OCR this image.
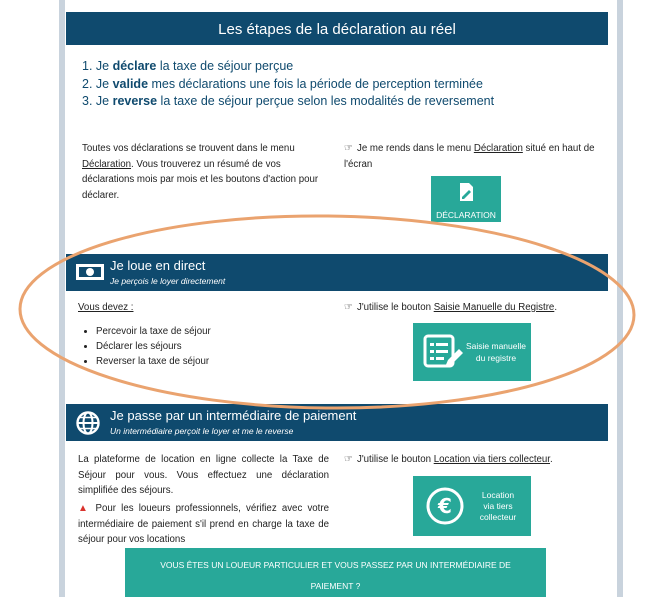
Les étapes de la déclaration au réel
1. Je déclare la taxe de séjour perçue
2. Je valide mes déclarations une fois la période de perception terminée
3. Je reverse la taxe de séjour perçue selon les modalités de reversement
Toutes vos déclarations se trouvent dans le menu Déclaration. Vous trouverez un résumé de vos déclarations mois par mois et les boutons d'action pour déclarer.
☞ Je me rends dans le menu Déclaration situé en haut de l'écran
DÉCLARATION
Je loue en direct
Je perçois le loyer directement
Vous devez :
• Percevoir la taxe de séjour
• Déclarer les séjours
• Reverser la taxe de séjour
☞ J'utilise le bouton Saisie Manuelle du Registre.
Saisie manuelle
du registre
Je passe par un intermédiaire de paiement
Un intermédiaire perçoit le loyer et me le reverse
La plateforme de location en ligne collecte la Taxe de Séjour pour vous. Vous effectuez une déclaration simplifiée des séjours.
▲ Pour les loueurs professionnels, vérifiez avec votre intermédiaire de paiement s'il prend en charge la taxe de séjour pour vos locations
☞ J'utilise le bouton Location via tiers collecteur.
€	Location
via tiers
collecteur
VOUS ÊTES UN LOUEUR PARTICULIER ET VOUS PASSEZ PAR UN INTERMÉDIAIRE DE
PAIEMENT ?
